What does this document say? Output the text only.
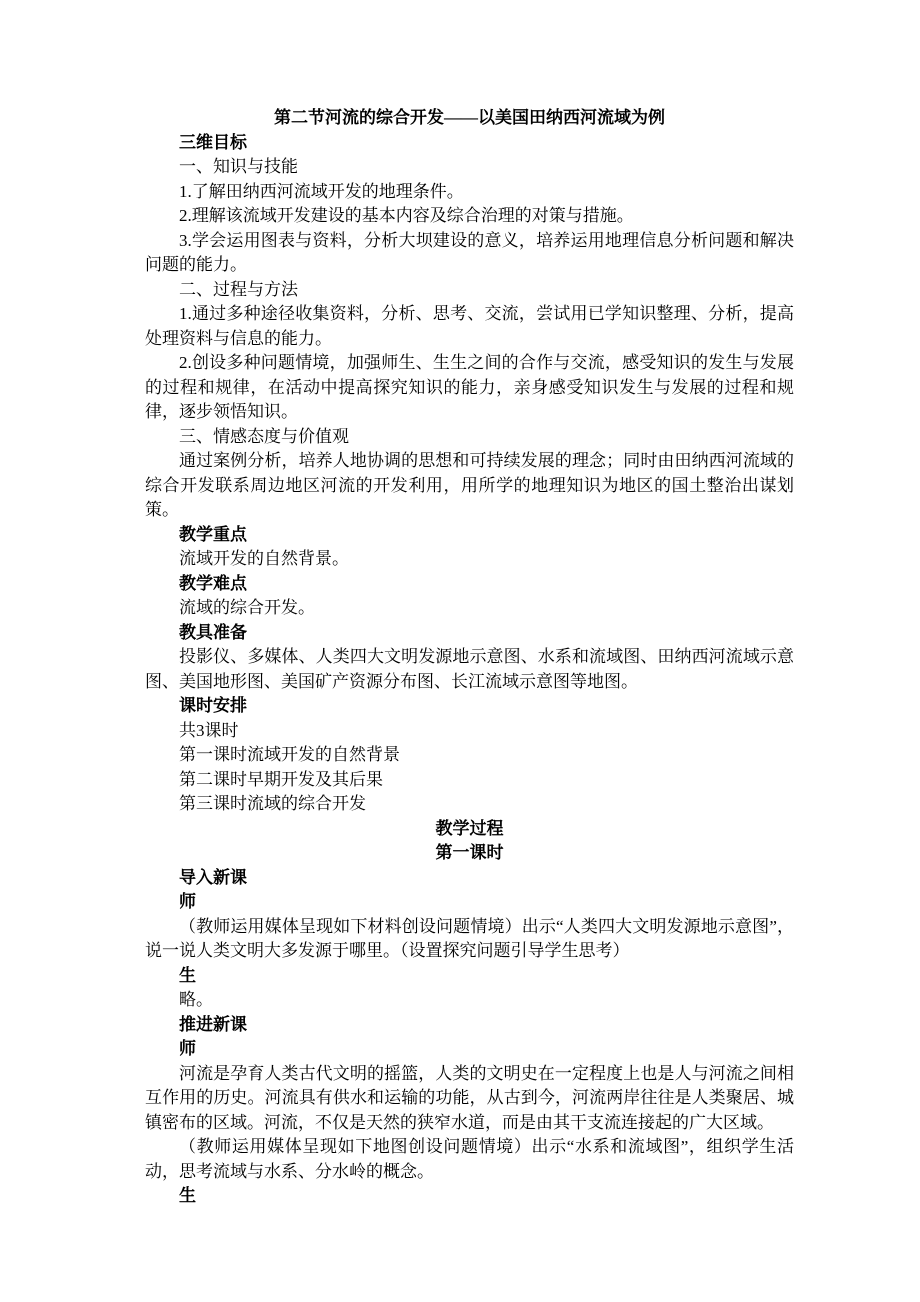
第二节河流的综合开发——以美国田纳西河流域为例

三维目标

一、知识与技能

1.了解田纳西河流域开发的地理条件。

2.理解该流域开发建设的基本内容及综合治理的对策与措施。

3.学会运用图表与资料，分析大坝建设的意义，培养运用地理信息分析问题和解决问题的能力。

二、过程与方法

1.通过多种途径收集资料，分析、思考、交流，尝试用已学知识整理、分析，提高处理资料与信息的能力。

2.创设多种问题情境，加强师生、生生之间的合作与交流，感受知识的发生与发展的过程和规律，在活动中提高探究知识的能力，亲身感受知识发生与发展的过程和规律，逐步领悟知识。

三、情感态度与价值观

通过案例分析，培养人地协调的思想和可持续发展的理念；同时由田纳西河流域的综合开发联系周边地区河流的开发利用，用所学的地理知识为地区的国土整治出谋划策。

教学重点

流域开发的自然背景。

教学难点

流域的综合开发。

教具准备

投影仪、多媒体、人类四大文明发源地示意图、水系和流域图、田纳西河流域示意图、美国地形图、美国矿产资源分布图、长江流域示意图等地图。

课时安排

共3课时

第一课时流域开发的自然背景

第二课时早期开发及其后果

第三课时流域的综合开发

教学过程

第一课时

导入新课

师

（教师运用媒体呈现如下材料创设问题情境）出示“人类四大文明发源地示意图”，说一说人类文明大多发源于哪里。（设置探究问题引导学生思考）

生

略。

推进新课

师

河流是孕育人类古代文明的摇篮，人类的文明史在一定程度上也是人与河流之间相互作用的历史。河流具有供水和运输的功能，从古到今，河流两岸往往是人类聚居、城镇密布的区域。河流，不仅是天然的狭窄水道，而是由其干支流连接起的广大区域。

（教师运用媒体呈现如下地图创设问题情境）出示“水系和流域图”，组织学生活动，思考流域与水系、分水岭的概念。

生
